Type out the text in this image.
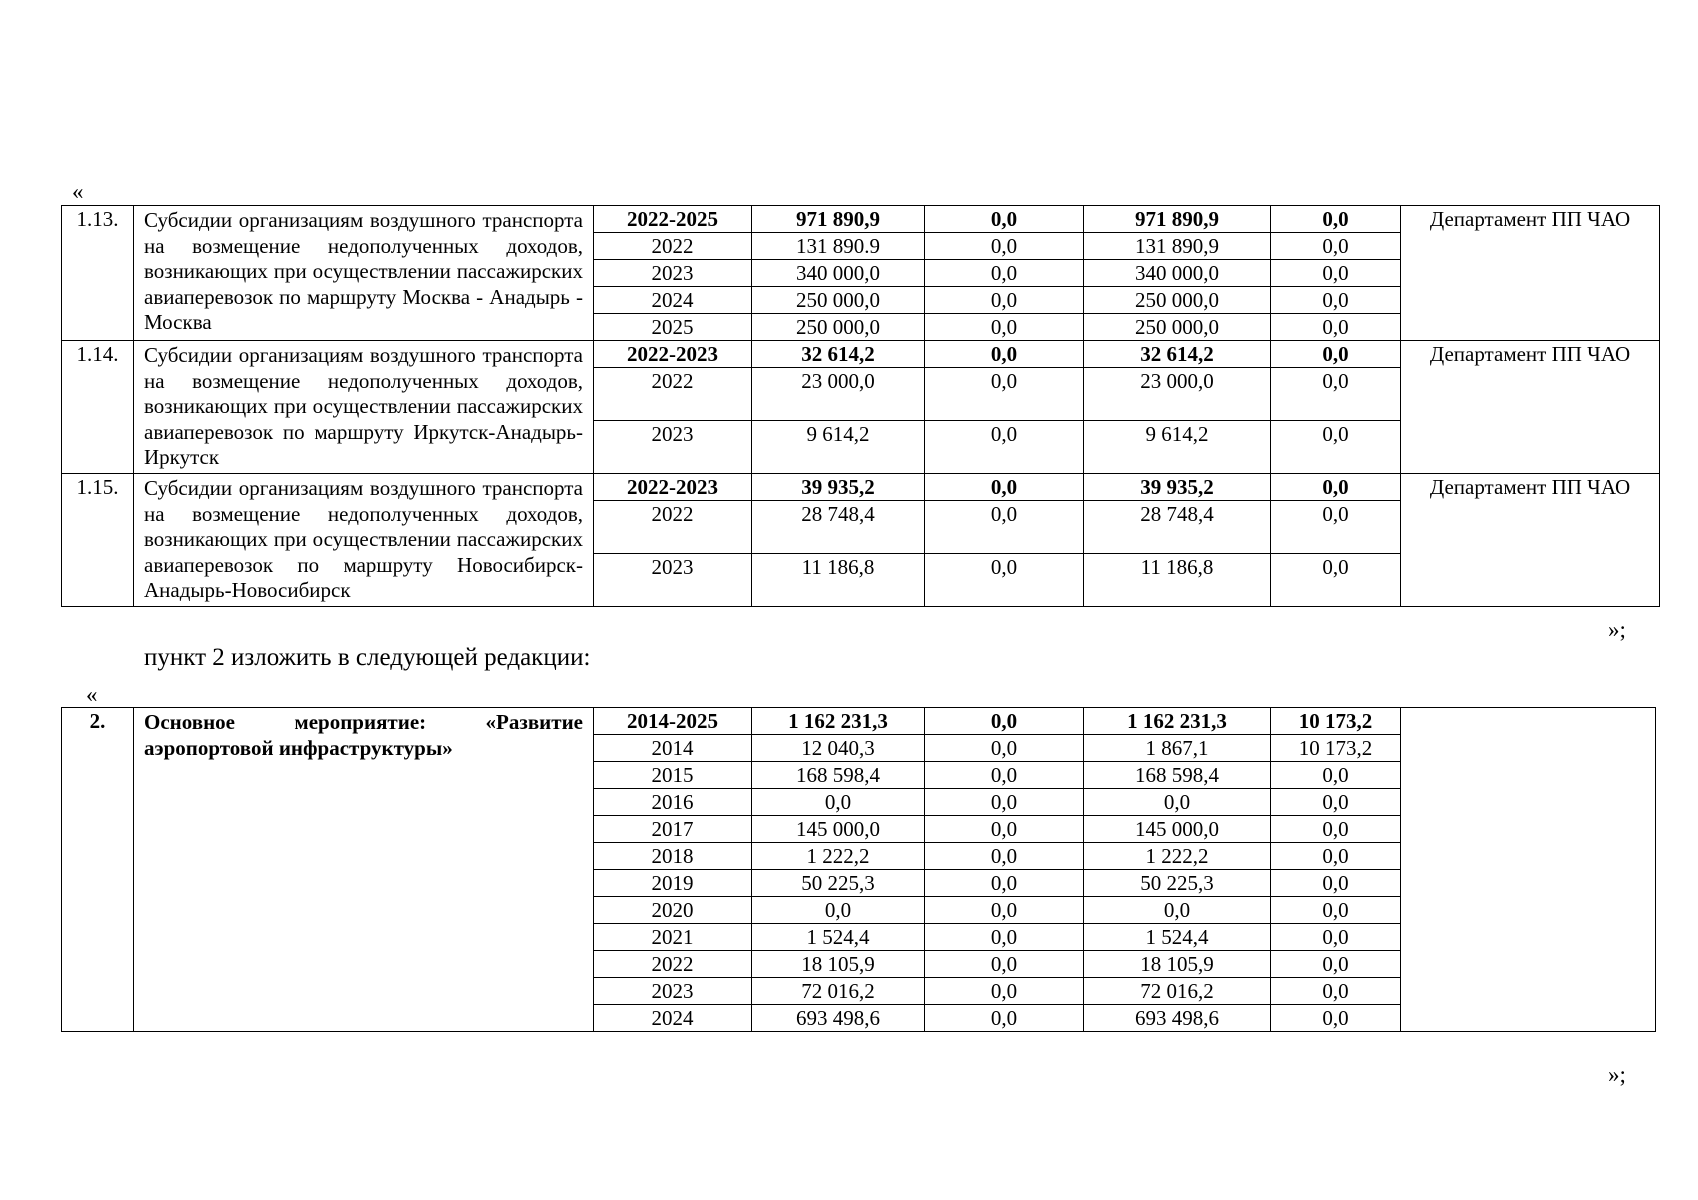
«
1.13.	Субсидии организациям воздушного транспорта на возмещение недополученных доходов, возникающих при осуществлении пассажирских авиаперевозок по маршруту Москва - Анадырь - Москва	2022-2025	971 890,9	0,0	971 890,9	0,0	Департамент ПП ЧАО
		2022	131 890.9	0,0	131 890,9	0,0	
		2023	340 000,0	0,0	340 000,0	0,0	
		2024	250 000,0	0,0	250 000,0	0,0	
		2025	250 000,0	0,0	250 000,0	0,0	
1.14.	Субсидии организациям воздушного транспорта на возмещение недополученных доходов, возникающих при осуществлении пассажирских авиаперевозок по маршруту Иркутск-Анадырь-Иркутск	2022-2023	32 614,2	0,0	32 614,2	0,0	Департамент ПП ЧАО
		2022	23 000,0	0,0	23 000,0	0,0	
		2023	9 614,2	0,0	9 614,2	0,0	
1.15.	Субсидии организациям воздушного транспорта на возмещение недополученных доходов, возникающих при осуществлении пассажирских авиаперевозок по маршруту Новосибирск-Анадырь-Новосибирск	2022-2023	39 935,2	0,0	39 935,2	0,0	Департамент ПП ЧАО
		2022	28 748,4	0,0	28 748,4	0,0	
		2023	11 186,8	0,0	11 186,8	0,0	
»;
пункт 2 изложить в следующей редакции:
«
2.	Основное мероприятие: «Развитие аэропортовой инфраструктуры»	2014-2025	1 162 231,3	0,0	1 162 231,3	10 173,2	
		2014	12 040,3	0,0	1 867,1	10 173,2	
		2015	168 598,4	0,0	168 598,4	0,0	
		2016	0,0	0,0	0,0	0,0	
		2017	145 000,0	0,0	145 000,0	0,0	
		2018	1 222,2	0,0	1 222,2	0,0	
		2019	50 225,3	0,0	50 225,3	0,0	
		2020	0,0	0,0	0,0	0,0	
		2021	1 524,4	0,0	1 524,4	0,0	
		2022	18 105,9	0,0	18 105,9	0,0	
		2023	72 016,2	0,0	72 016,2	0,0	
		2024	693 498,6	0,0	693 498,6	0,0	
»;
